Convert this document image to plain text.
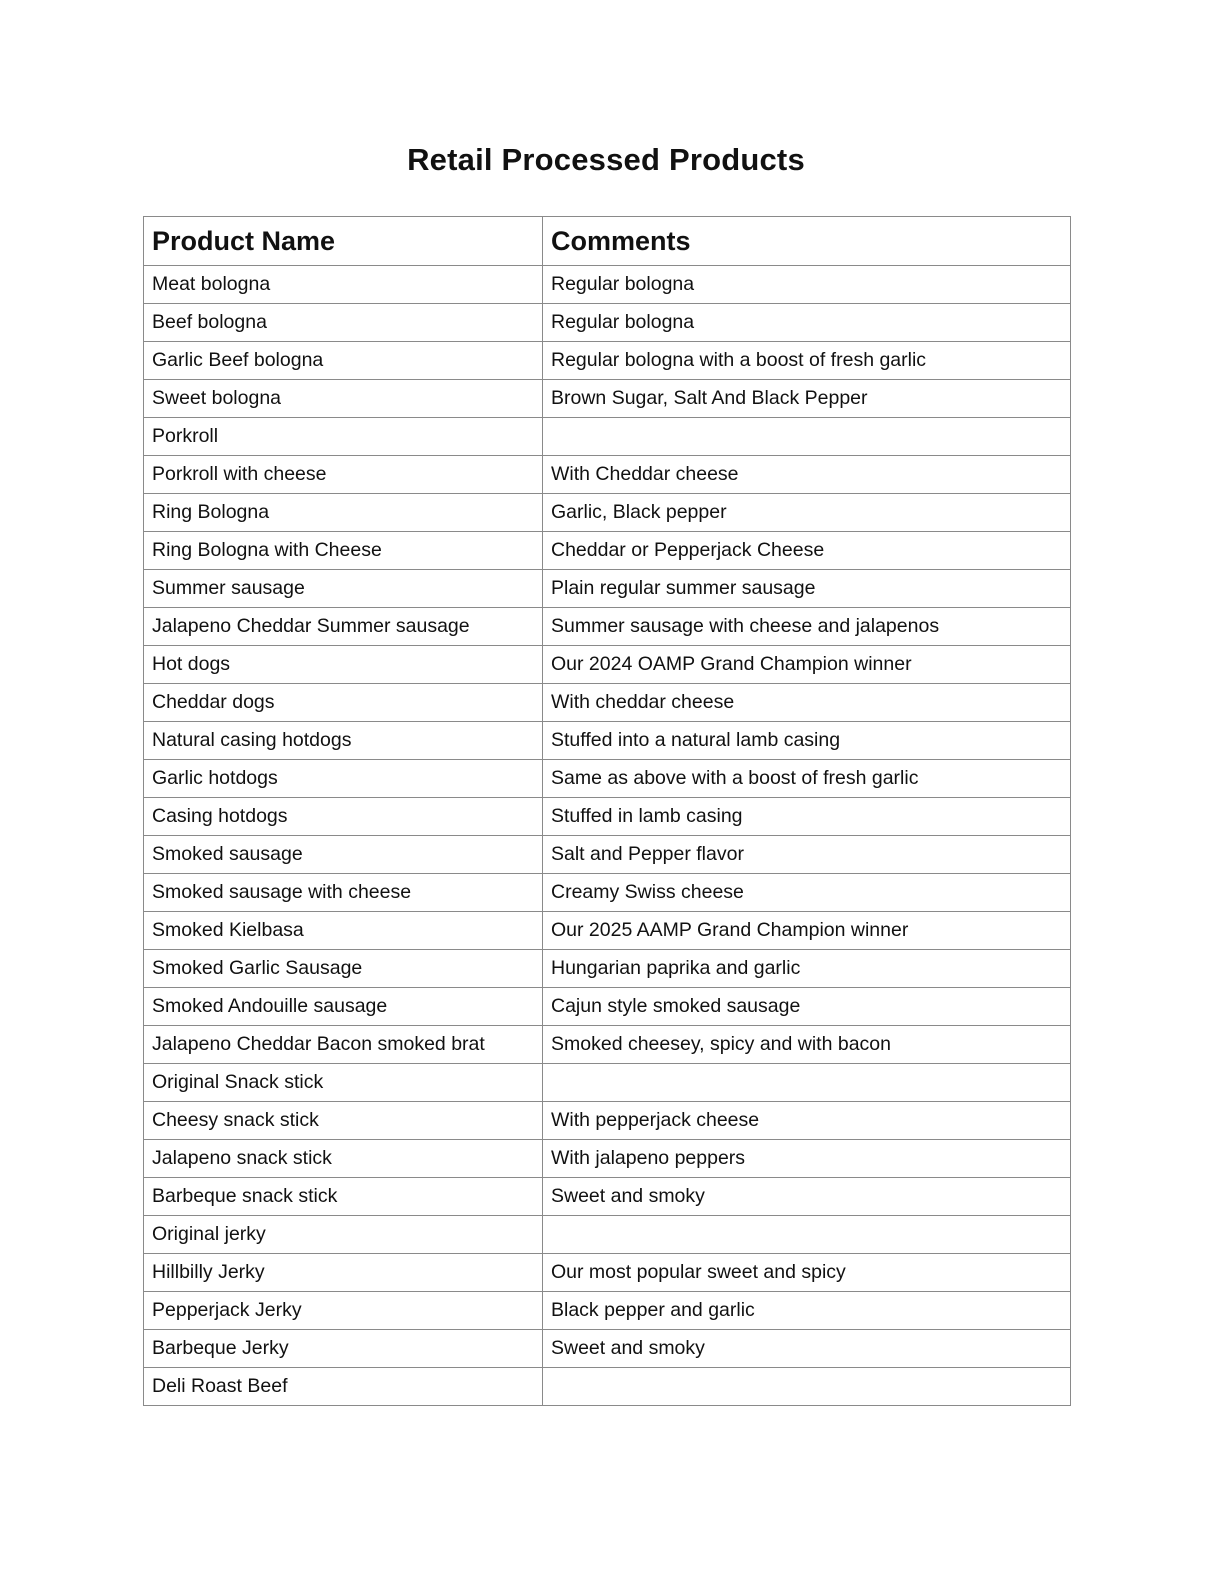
Retail Processed Products
Product Name	Comments
Meat bologna	Regular bologna
Beef bologna	Regular bologna
Garlic Beef bologna	Regular bologna with a boost of fresh garlic
Sweet bologna	Brown Sugar, Salt And Black Pepper
Porkroll	
Porkroll with cheese	With Cheddar cheese
Ring Bologna	Garlic, Black pepper
Ring Bologna with Cheese	Cheddar or Pepperjack Cheese
Summer sausage	Plain regular summer sausage
Jalapeno Cheddar Summer sausage	Summer sausage with cheese and jalapenos
Hot dogs	Our 2024 OAMP Grand Champion winner
Cheddar dogs	With cheddar cheese
Natural casing hotdogs	Stuffed into a natural lamb casing
Garlic hotdogs	Same as above with a boost of fresh garlic
Casing hotdogs	Stuffed in lamb casing
Smoked sausage	Salt and Pepper flavor
Smoked sausage with cheese	Creamy Swiss cheese
Smoked Kielbasa	Our 2025 AAMP Grand Champion winner
Smoked Garlic Sausage	Hungarian paprika and garlic
Smoked Andouille sausage	Cajun style smoked sausage
Jalapeno Cheddar Bacon smoked brat	Smoked cheesey, spicy and with bacon
Original Snack stick	
Cheesy snack stick	With pepperjack cheese
Jalapeno snack stick	With jalapeno peppers
Barbeque snack stick	Sweet and smoky
Original jerky	
Hillbilly Jerky	Our most popular sweet and spicy
Pepperjack Jerky	Black pepper and garlic
Barbeque Jerky	Sweet and smoky
Deli Roast Beef	
